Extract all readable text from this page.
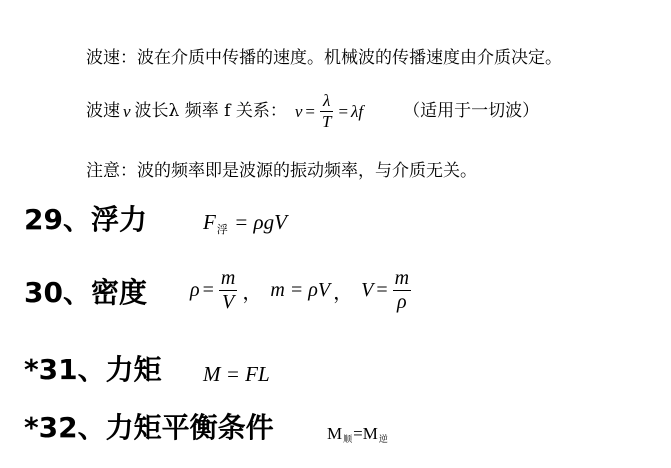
波速：波在介质中传播的速度。机械波的传播速度由介质决定。
波速 v 波长λ 频率 f 关系： $v = \frac{\lambda}{T} = \lambda f$ （适用于一切波）
注意：波的频率即是波源的振动频率，与介质无关。
29、浮力	F 浮 = ρgV
30、密度 $\rho = \frac{m}{V}$ ， m = ρV ， $V = \frac{m}{\rho}$
*31、力矩 M = FL
*32、力矩平衡条件	M 顺 =M 逆
